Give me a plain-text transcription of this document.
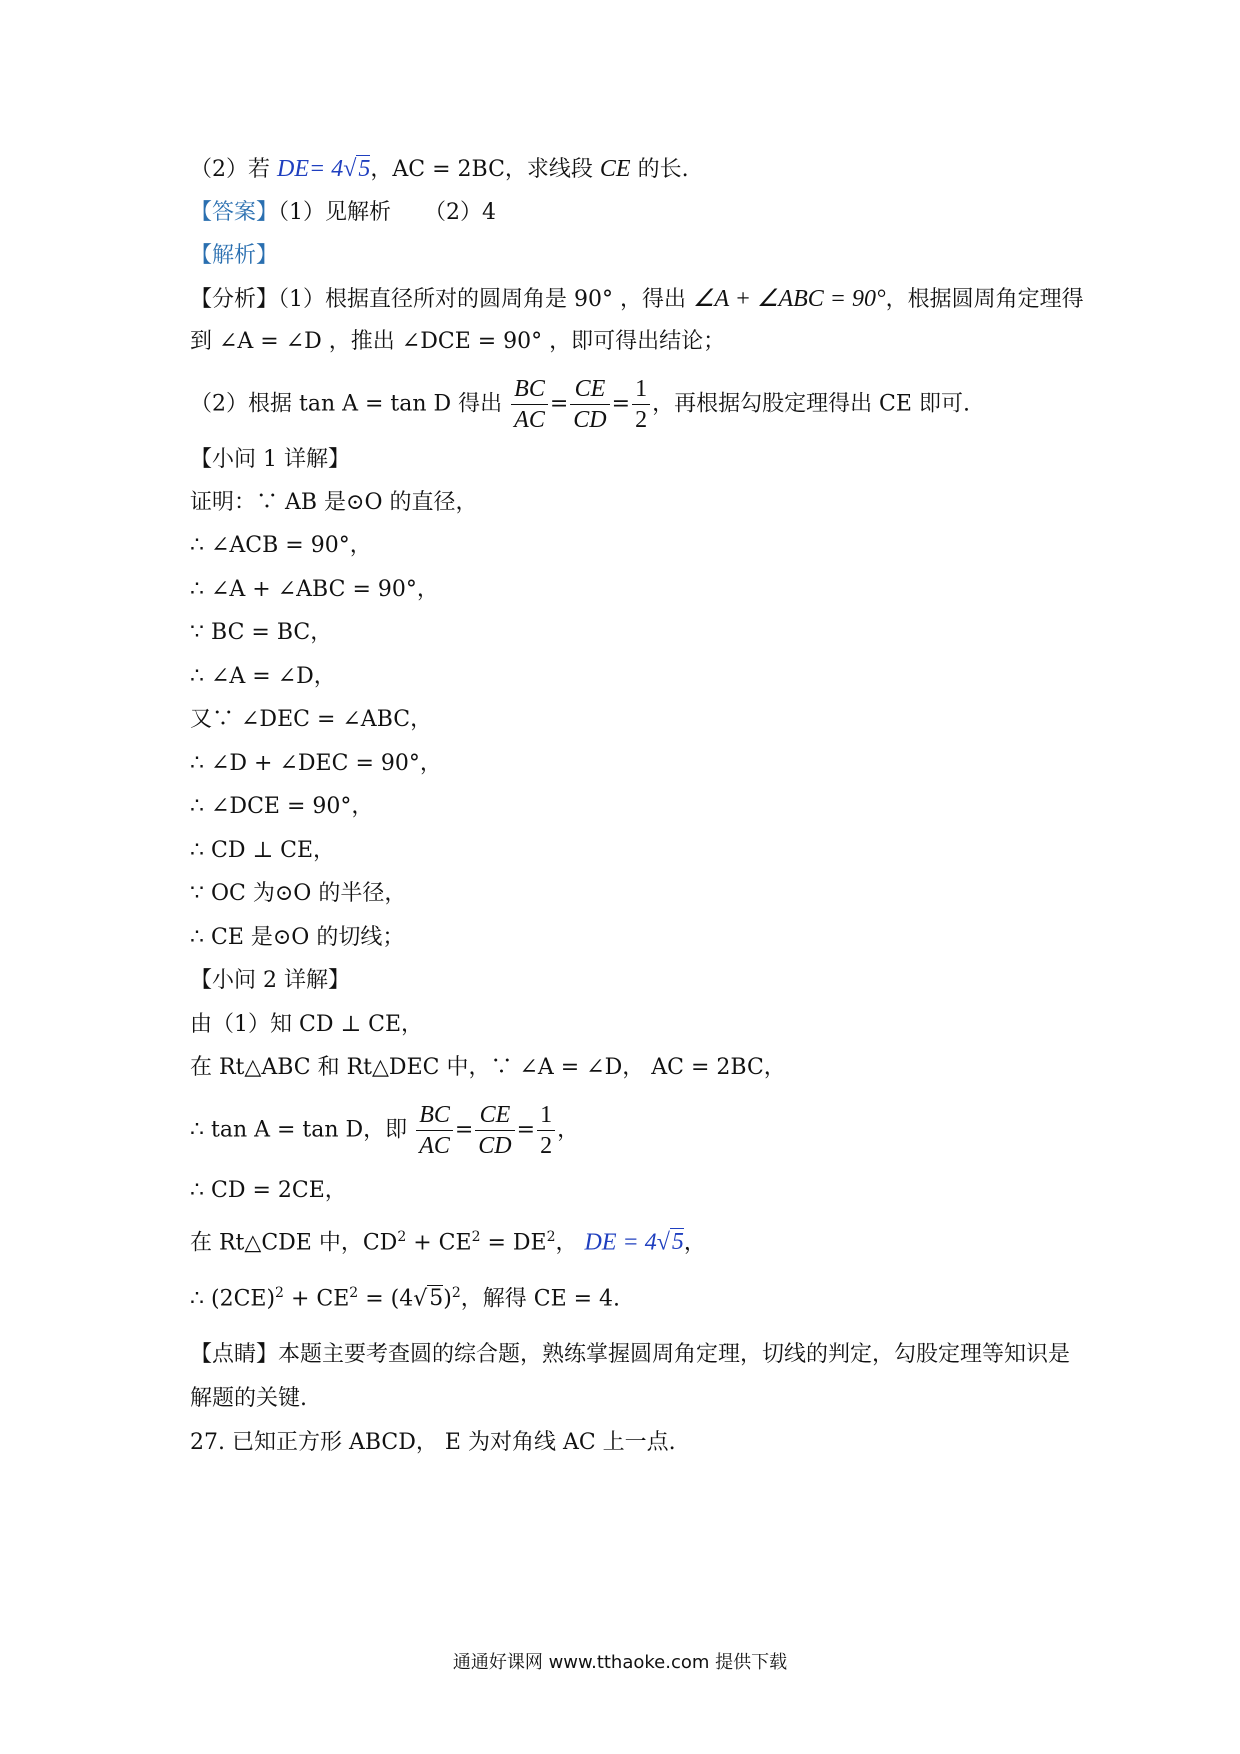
（2）若 DE= 4√5，AC = 2BC，求线段 CE 的长.
【答案】（1）见解析　　（2）4
【解析】
【分析】（1）根据直径所对的圆周角是 90° ，得出 ∠A + ∠ABC = 90°，根据圆周角定理得
到 ∠A = ∠D ，推出 ∠DCE = 90° ，即可得出结论；
（2）根据 tan A = tan D 得出 $\frac{BC}{AC} = \frac{CE}{CD} = \frac{1}{2}$ ，再根据勾股定理得出 CE 即可.
【小问 1 详解】
证明：∵ AB 是⊙O 的直径，
∴ ∠ACB = 90°，
∴ ∠A + ∠ABC = 90°，
∵ BC = BC，
∴ ∠A = ∠D，
又∵ ∠DEC = ∠ABC，
∴ ∠D + ∠DEC = 90°，
∴ ∠DCE = 90°，
∴ CD ⊥ CE，
∵ OC 为⊙O 的半径，
∴ CE 是⊙O 的切线；
【小问 2 详解】
由（1）知 CD ⊥ CE，
在 Rt△ABC 和 Rt△DEC 中，∵ ∠A = ∠D， AC = 2BC，
∴ tan A = tan D，即 $\frac{BC}{AC} = \frac{CE}{CD} = \frac{1}{2}$ ，
∴ CD = 2CE，
在 Rt△CDE 中，$CD^2 + CE^2 = DE^2$， DE = 4√5，
∴ $(2CE)^2 + CE^2 = (4√5)^2$，解得 CE = 4.
【点睛】本题主要考查圆的综合题，熟练掌握圆周角定理，切线的判定，勾股定理等知识是
解题的关键.
27. 已知正方形 ABCD， E 为对角线 AC 上一点.
通通好课网 www.tthaoke.com 提供下载
